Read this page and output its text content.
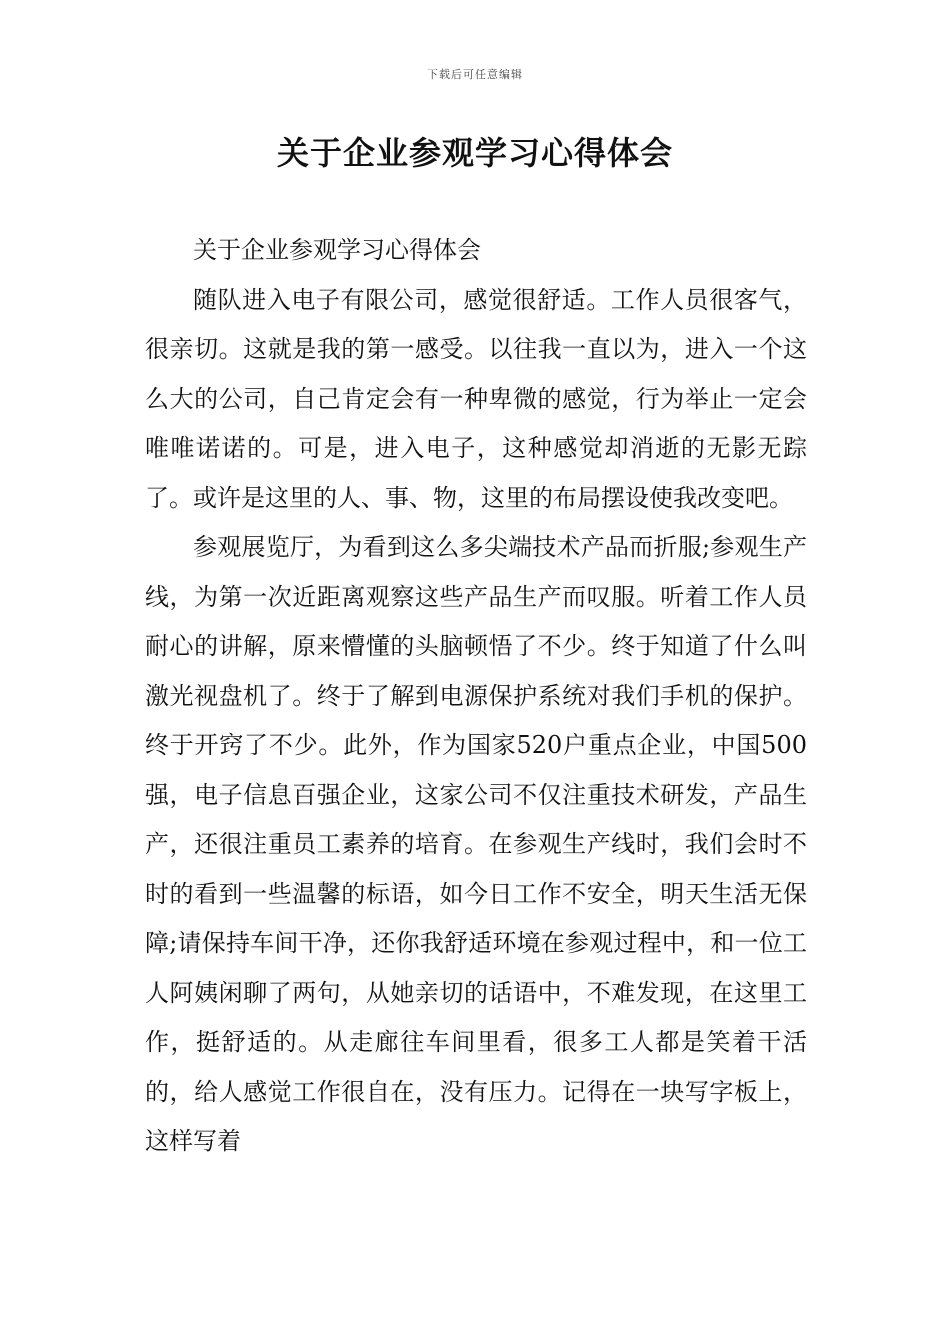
下载后可任意编辑
关于企业参观学习心得体会

关于企业参观学习心得体会

随队进入电子有限公司，感觉很舒适。工作人员很客气，很亲切。这就是我的第一感受。以往我一直以为，进入一个这么大的公司，自己肯定会有一种卑微的感觉，行为举止一定会唯唯诺诺的。可是，进入电子，这种感觉却消逝的无影无踪了。或许是这里的人、事、物，这里的布局摆设使我改变吧。

参观展览厅，为看到这么多尖端技术产品而折服;参观生产线，为第一次近距离观察这些产品生产而叹服。听着工作人员耐心的讲解，原来懵懂的头脑顿悟了不少。终于知道了什么叫激光视盘机了。终于了解到电源保护系统对我们手机的保护。终于开窍了不少。此外，作为国家520户重点企业，中国500强，电子信息百强企业，这家公司不仅注重技术研发，产品生产，还很注重员工素养的培育。在参观生产线时，我们会时不时的看到一些温馨的标语，如今日工作不安全，明天生活无保障;请保持车间干净，还你我舒适环境在参观过程中，和一位工人阿姨闲聊了两句，从她亲切的话语中，不难发现，在这里工作，挺舒适的。从走廊往车间里看，很多工人都是笑着干活的，给人感觉工作很自在，没有压力。记得在一块写字板上，这样写着
